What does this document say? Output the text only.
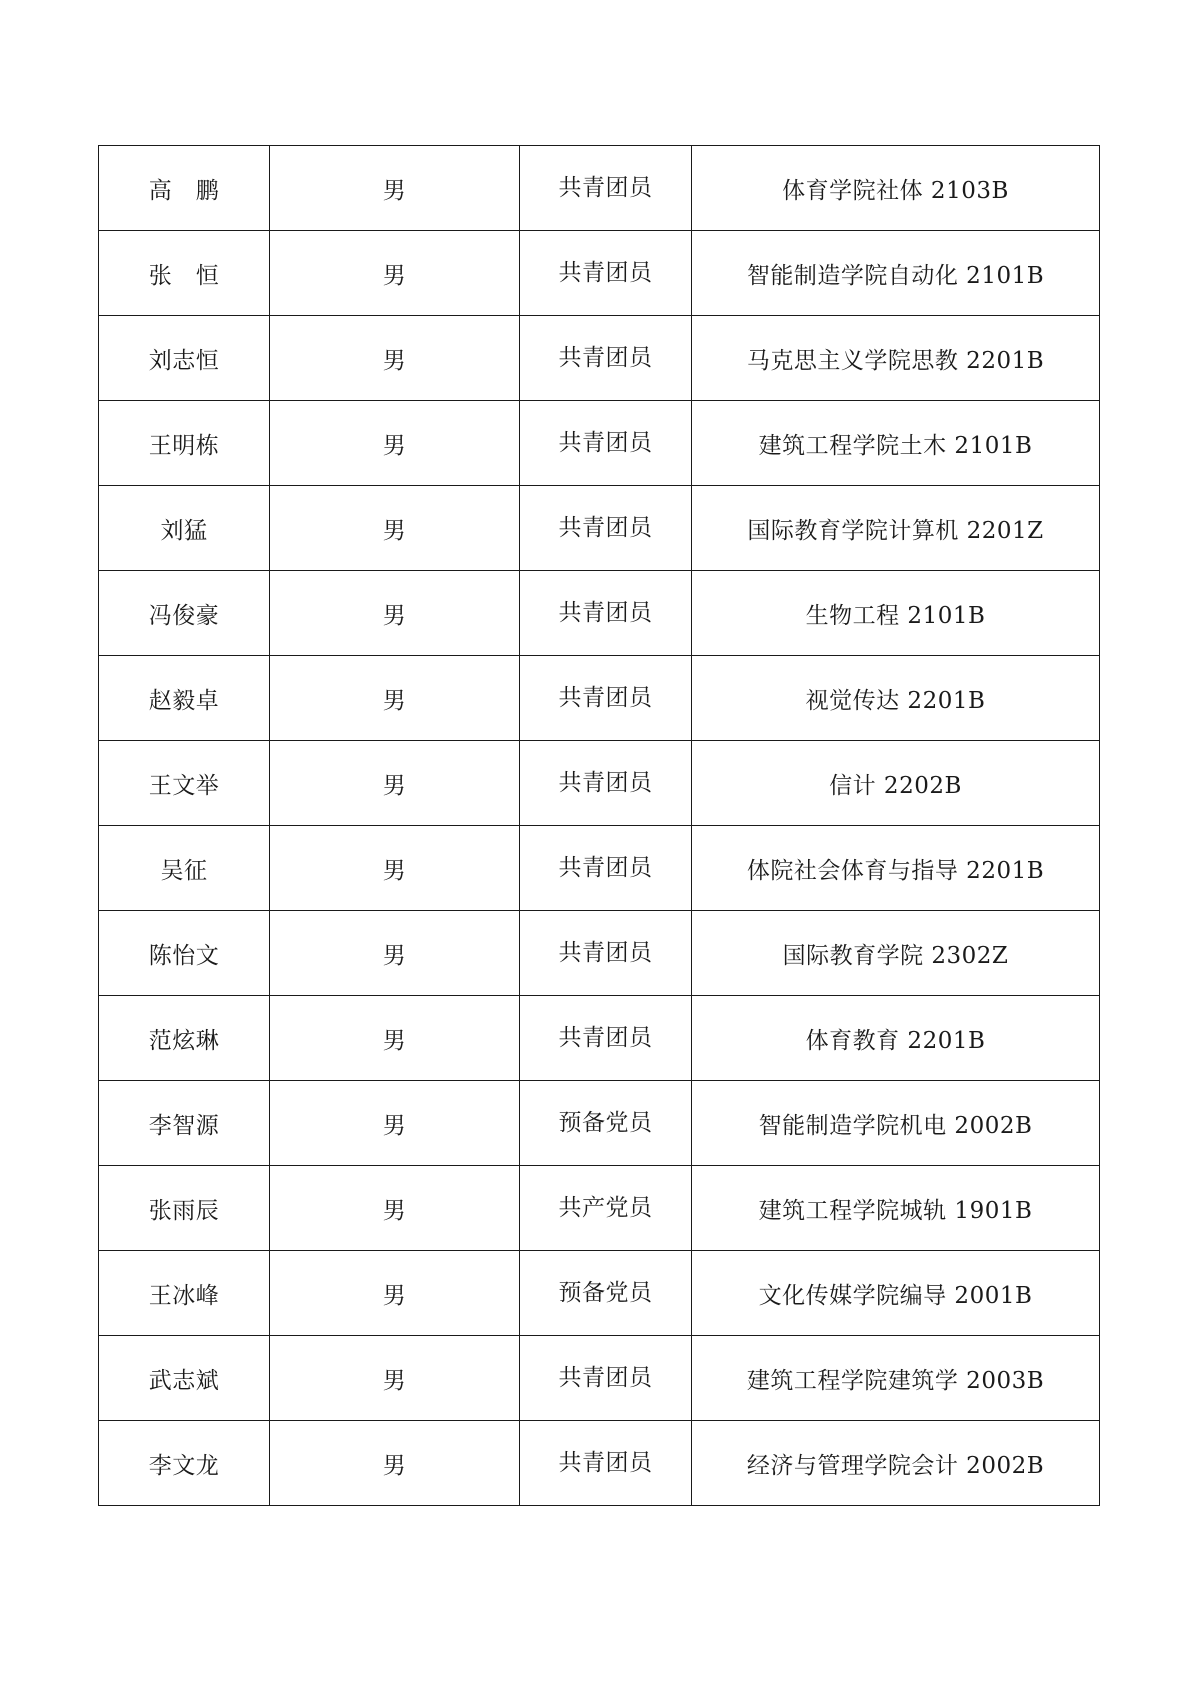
高　鹏	男	共青团员	体育学院社体 2103B
张　恒	男	共青团员	智能制造学院自动化 2101B
刘志恒	男	共青团员	马克思主义学院思教 2201B
王明栋	男	共青团员	建筑工程学院土木 2101B
刘猛	男	共青团员	国际教育学院计算机 2201Z
冯俊豪	男	共青团员	生物工程 2101B
赵毅卓	男	共青团员	视觉传达 2201B
王文举	男	共青团员	信计 2202B
吴征	男	共青团员	体院社会体育与指导 2201B
陈怡文	男	共青团员	国际教育学院 2302Z
范炫琳	男	共青团员	体育教育 2201B
李智源	男	预备党员	智能制造学院机电 2002B
张雨辰	男	共产党员	建筑工程学院城轨 1901B
王冰峰	男	预备党员	文化传媒学院编导 2001B
武志斌	男	共青团员	建筑工程学院建筑学 2003B
李文龙	男	共青团员	经济与管理学院会计 2002B
